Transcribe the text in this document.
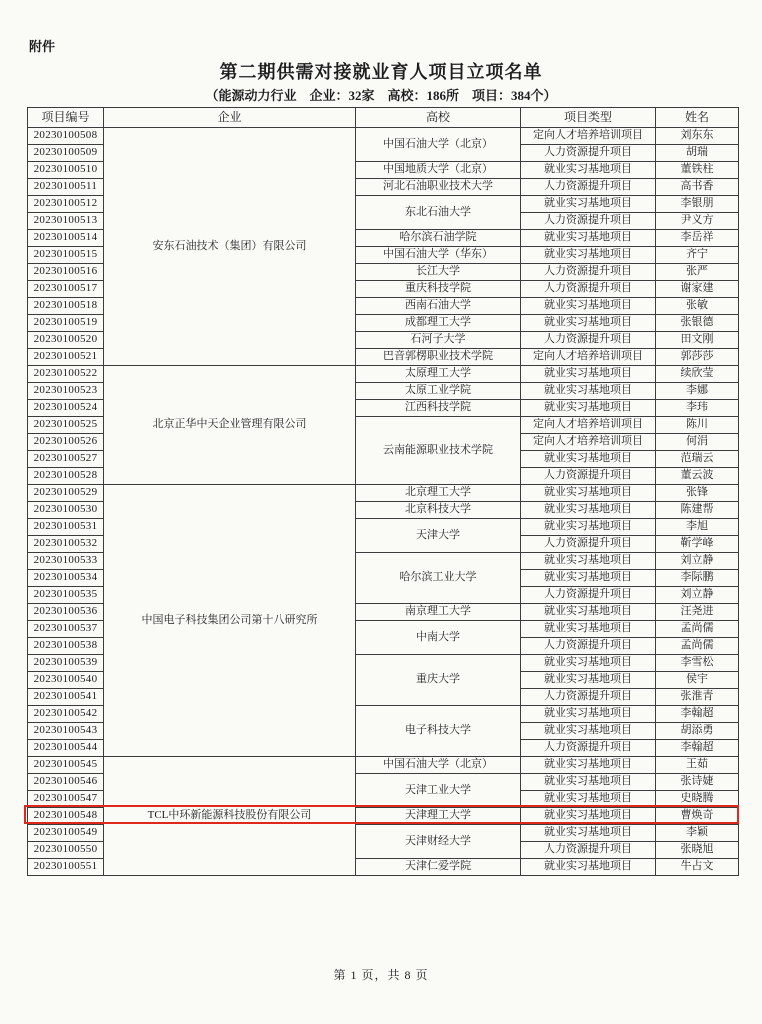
附件
第二期供需对接就业育人项目立项名单
（能源动力行业　企业：32家　高校：186所　项目：384个）
项目编号	企业	高校	项目类型	姓名
20230100508	安东石油技术（集团）有限公司	中国石油大学（北京）	定向人才培养培训项目	刘东东
20230100509			人力资源提升项目	胡瑞
20230100510		中国地质大学（北京）	就业实习基地项目	董铁柱
20230100511		河北石油职业技术大学	人力资源提升项目	高书香
20230100512		东北石油大学	就业实习基地项目	李银朋
20230100513			人力资源提升项目	尹义方
20230100514		哈尔滨石油学院	就业实习基地项目	李岳祥
20230100515		中国石油大学（华东）	就业实习基地项目	齐宁
20230100516		长江大学	人力资源提升项目	张严
20230100517		重庆科技学院	人力资源提升项目	谢家建
20230100518		西南石油大学	就业实习基地项目	张敏
20230100519		成都理工大学	就业实习基地项目	张银德
20230100520		石河子大学	人力资源提升项目	田文刚
20230100521		巴音郭楞职业技术学院	定向人才培养培训项目	郭莎莎
20230100522	北京正华中天企业管理有限公司	太原理工大学	就业实习基地项目	续欣莹
20230100523		太原工业学院	就业实习基地项目	李娜
20230100524		江西科技学院	就业实习基地项目	李玮
20230100525		云南能源职业技术学院	定向人才培养培训项目	陈川
20230100526			定向人才培养培训项目	何涓
20230100527			就业实习基地项目	范瑞云
20230100528			人力资源提升项目	董云波
20230100529	中国电子科技集团公司第十八研究所	北京理工大学	就业实习基地项目	张锋
20230100530		北京科技大学	就业实习基地项目	陈建帮
20230100531		天津大学	就业实习基地项目	李旭
20230100532			人力资源提升项目	靳学峰
20230100533		哈尔滨工业大学	就业实习基地项目	刘立静
20230100534			就业实习基地项目	李际鹏
20230100535			人力资源提升项目	刘立静
20230100536		南京理工大学	就业实习基地项目	汪尧进
20230100537		中南大学	就业实习基地项目	孟尚儒
20230100538			人力资源提升项目	孟尚儒
20230100539		重庆大学	就业实习基地项目	李雪松
20230100540			就业实习基地项目	侯宇
20230100541			人力资源提升项目	张淮青
20230100542		电子科技大学	就业实习基地项目	李翰超
20230100543			就业实习基地项目	胡添勇
20230100544			人力资源提升项目	李翰超
20230100545	TCL中环新能源科技股份有限公司	中国石油大学（北京）	就业实习基地项目	王茹
20230100546		天津工业大学	就业实习基地项目	张诗婕
20230100547			就业实习基地项目	史晓腾
20230100548		天津理工大学	就业实习基地项目	曹焕奇
20230100549		天津财经大学	就业实习基地项目	李颖
20230100550			人力资源提升项目	张晓旭
20230100551		天津仁爱学院	就业实习基地项目	牛占文
第 1 页，共 8 页
